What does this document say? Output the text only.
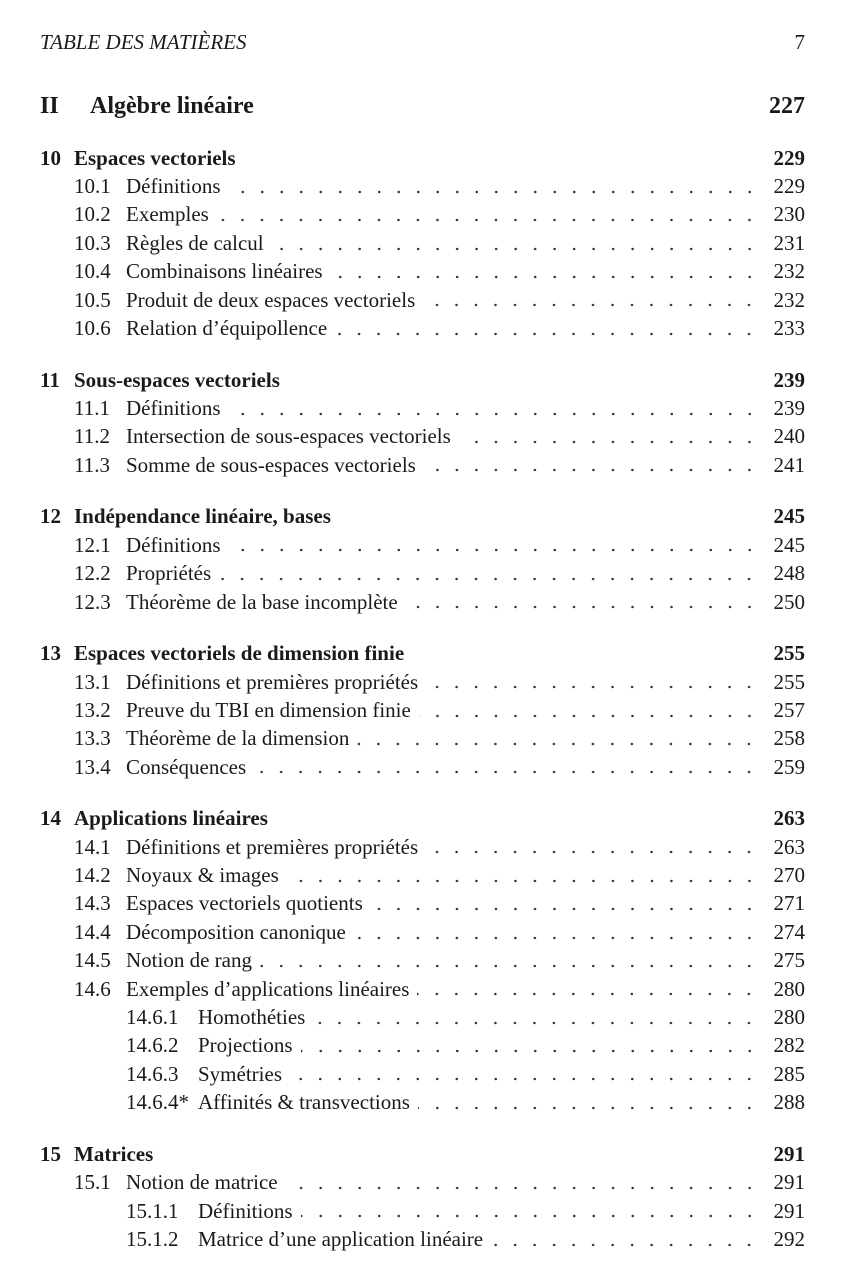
TABLE DES MATIÈRES	7
II	Algèbre linéaire	227
10 Espaces vectoriels	229
10.1 Définitions	229
10.2 Exemples	230
10.3 Règles de calcul	231
10.4 Combinaisons linéaires	232
10.5 Produit de deux espaces vectoriels	232
10.6 Relation d’équipollence	233
11 Sous-espaces vectoriels	239
11.1 Définitions	239
11.2 Intersection de sous-espaces vectoriels	240
11.3 Somme de sous-espaces vectoriels	241
12 Indépendance linéaire, bases	245
12.1 Définitions	245
12.2 Propriétés	248
12.3 Théorème de la base incomplète	250
13 Espaces vectoriels de dimension finie	255
13.1 Définitions et premières propriétés	255
13.2 Preuve du TBI en dimension finie	257
13.3 Théorème de la dimension	258
13.4 Conséquences	259
14 Applications linéaires	263
14.1 Définitions et premières propriétés	263
14.2 Noyaux & images	270
14.3 Espaces vectoriels quotients	271
14.4 Décomposition canonique	274
14.5 Notion de rang	275
14.6 Exemples d’applications linéaires	280
14.6.1 Homothéties	280
14.6.2 Projections	282
14.6.3 Symétries	285
14.6.4* Affinités & transvections	288
15 Matrices	291
15.1 Notion de matrice	291
15.1.1 Définitions	291
15.1.2 Matrice d’une application linéaire	292
